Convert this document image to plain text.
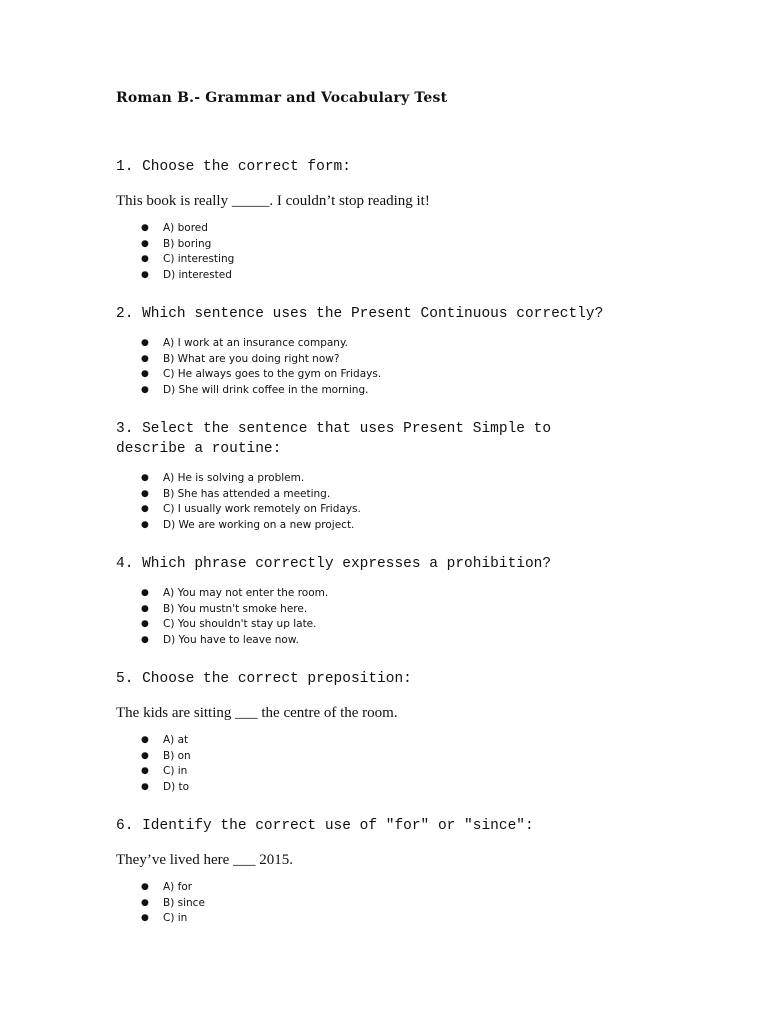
Roman B.- Grammar and Vocabulary Test
1. Choose the correct form:
This book is really _____. I couldn’t stop reading it!
● A) bored
● B) boring
● C) interesting
● D) interested
2. Which sentence uses the Present Continuous correctly?
● A) I work at an insurance company.
● B) What are you doing right now?
● C) He always goes to the gym on Fridays.
● D) She will drink coffee in the morning.
3. Select the sentence that uses Present Simple to describe a routine:
● A) He is solving a problem.
● B) She has attended a meeting.
● C) I usually work remotely on Fridays.
● D) We are working on a new project.
4. Which phrase correctly expresses a prohibition?
● A) You may not enter the room.
● B) You mustn't smoke here.
● C) You shouldn't stay up late.
● D) You have to leave now.
5. Choose the correct preposition:
The kids are sitting ___ the centre of the room.
● A) at
● B) on
● C) in
● D) to
6. Identify the correct use of "for" or "since":
They’ve lived here ___ 2015.
● A) for
● B) since
● C) in
